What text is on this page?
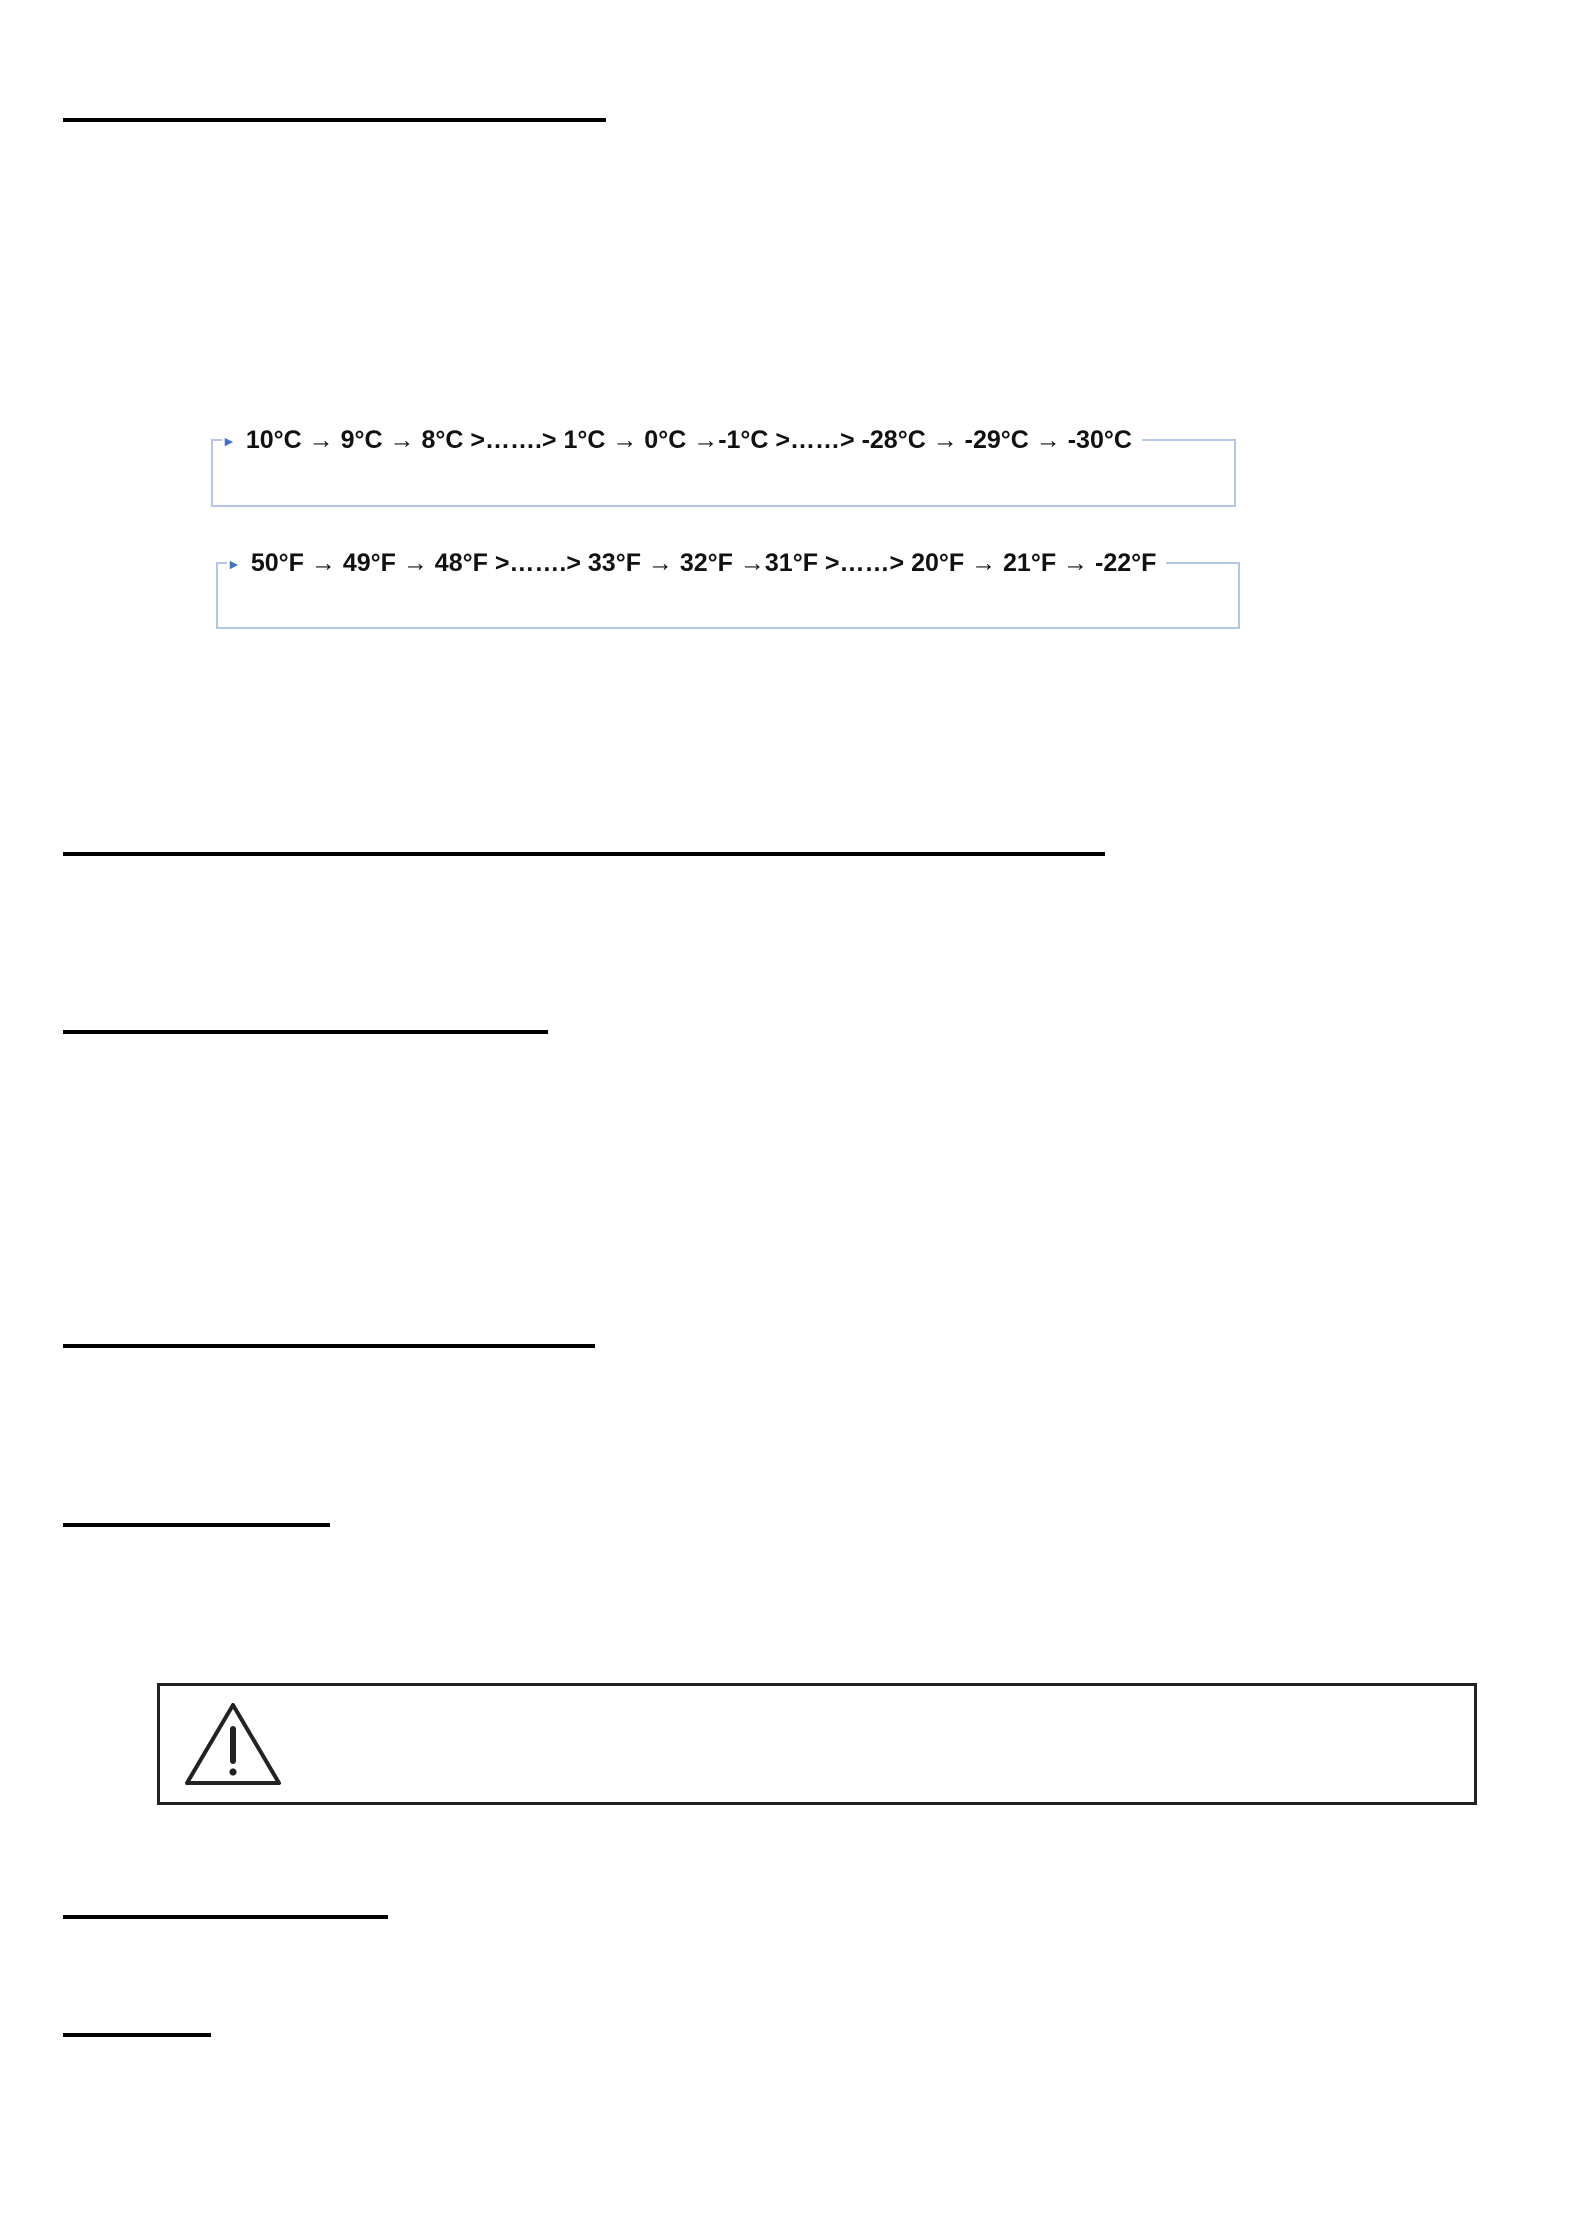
► 10°C → 9°C → 8°C >…….> 1°C → 0°C →-1°C >……> -28°C → -29°C → -30°C
► 50°F → 49°F → 48°F >…….> 33°F → 32°F →31°F >……> 20°F → 21°F → -22°F
